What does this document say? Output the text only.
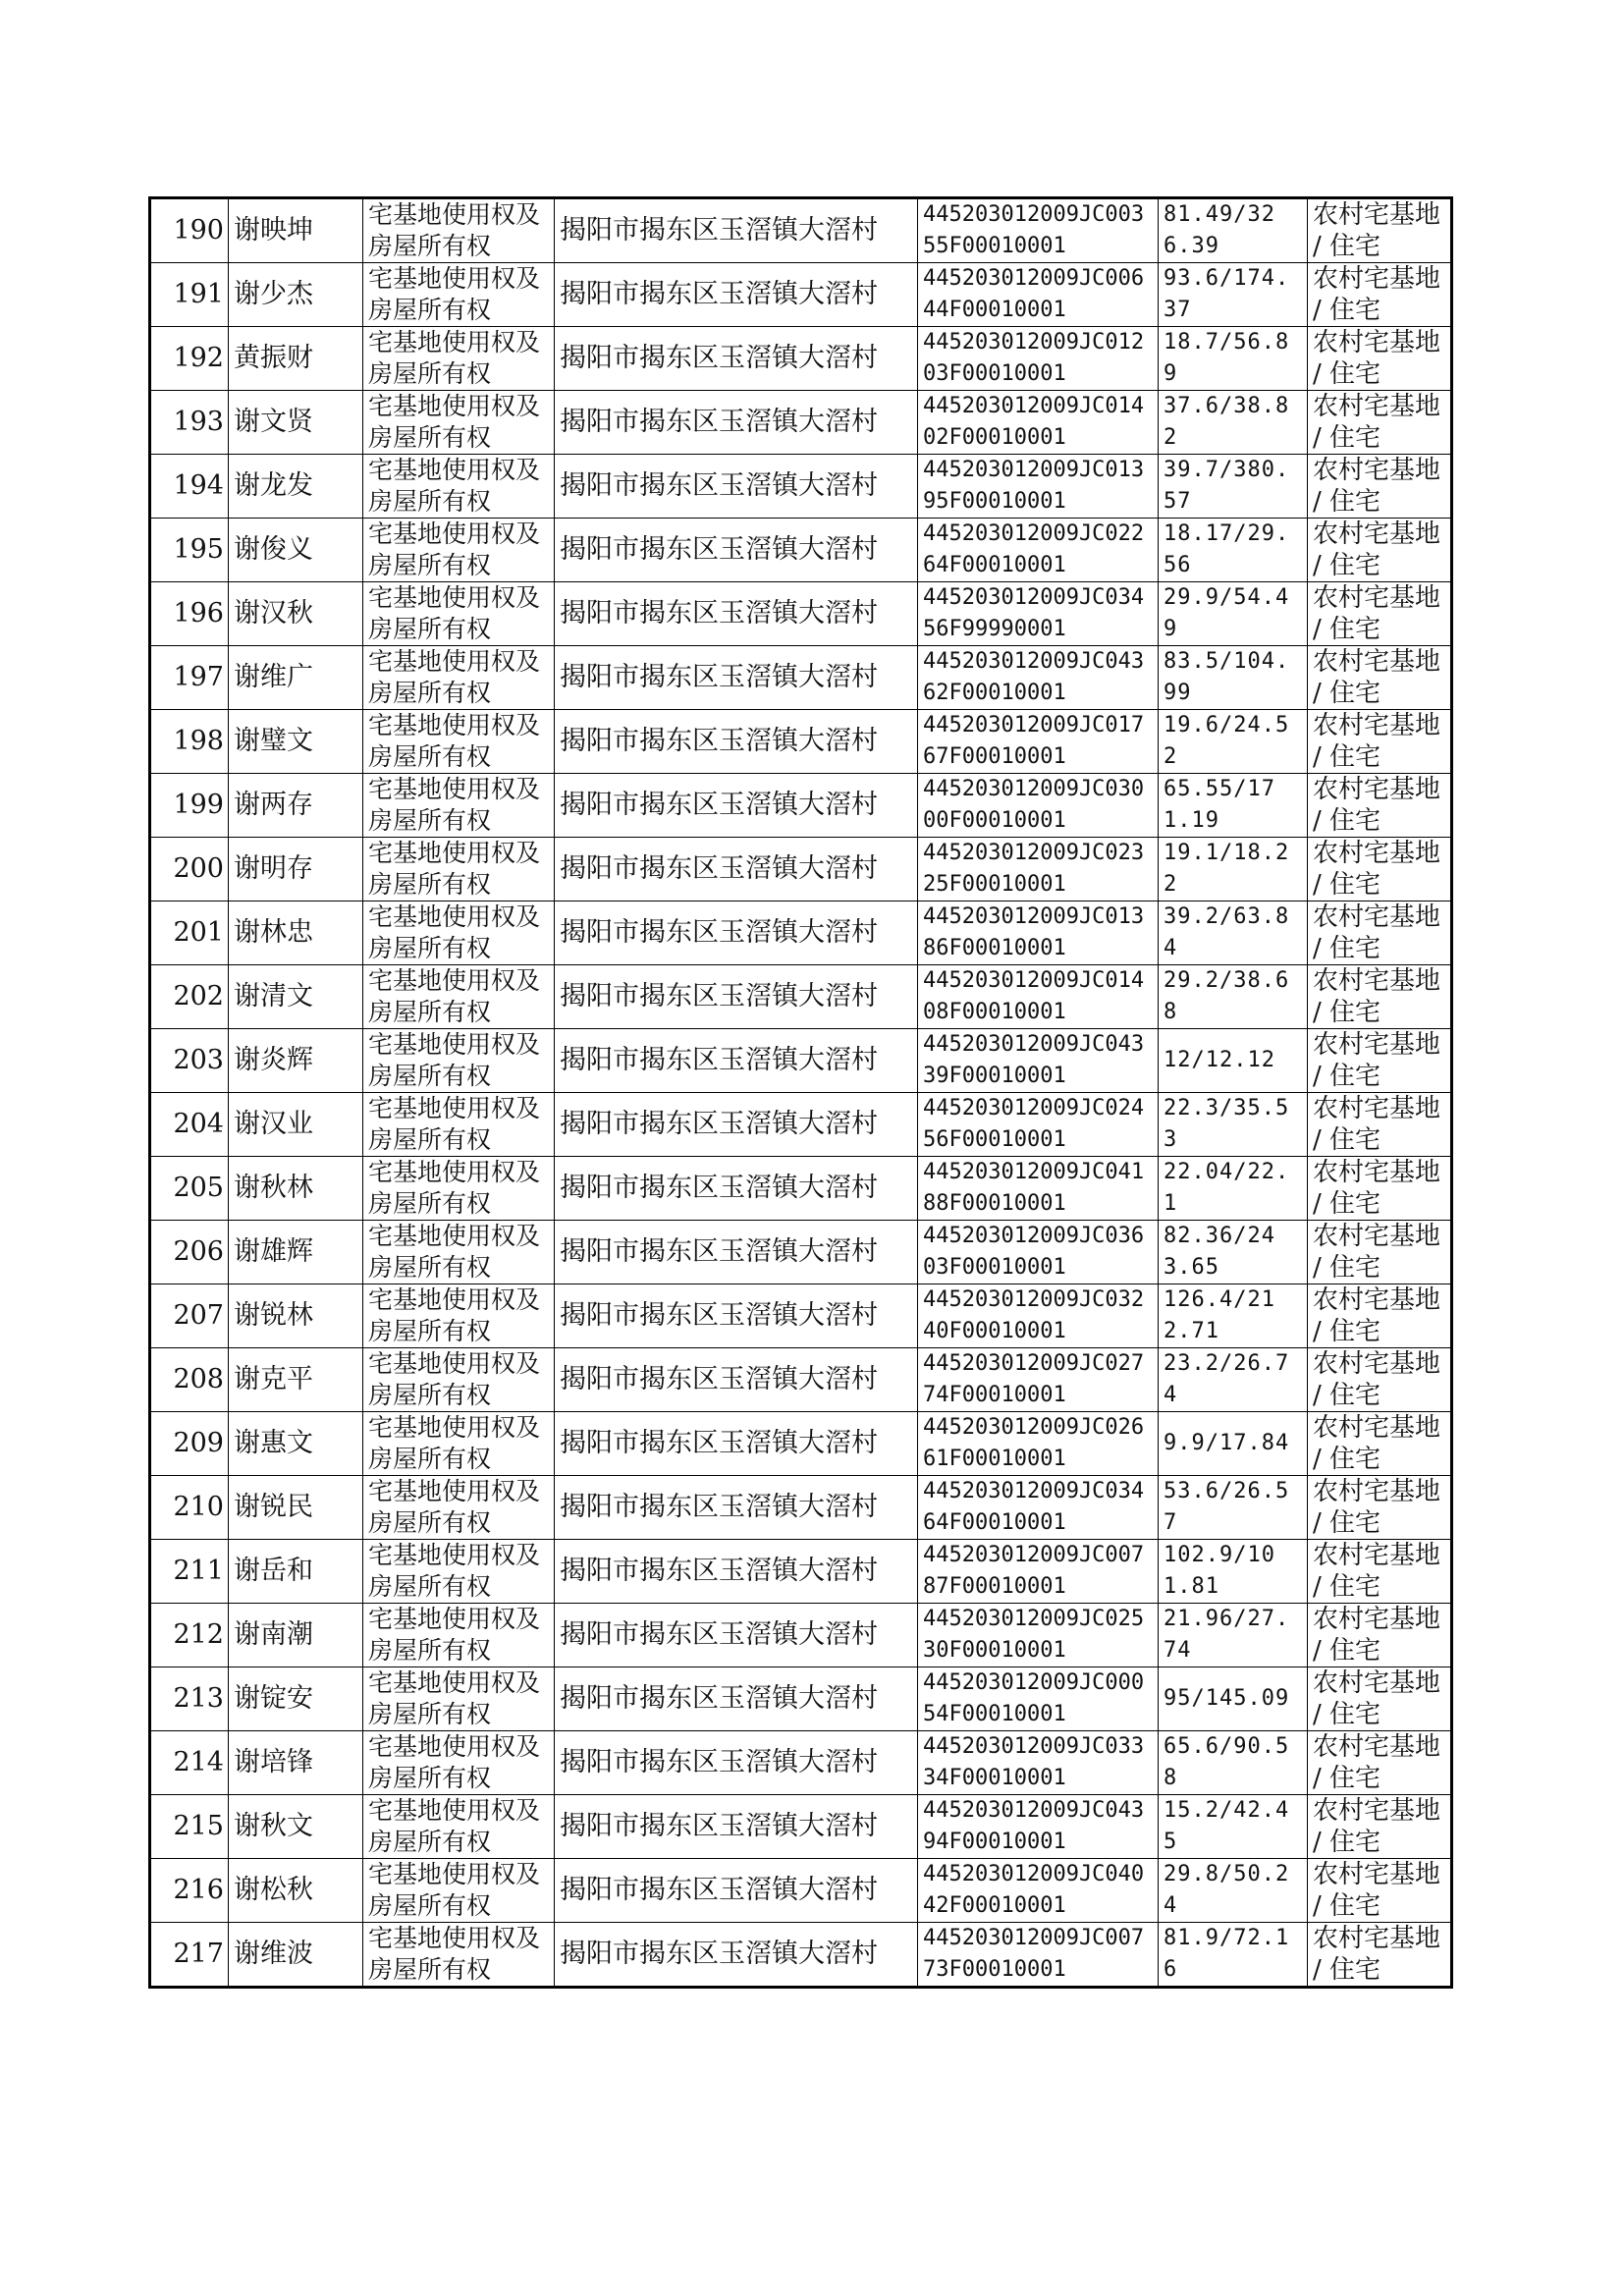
190	谢映坤	宅基地使用权及房屋所有权	揭阳市揭东区玉滘镇大滘村	445203012009JC00355F00010001	81.49/326.39	农村宅基地 / 住宅
191	谢少杰	宅基地使用权及房屋所有权	揭阳市揭东区玉滘镇大滘村	445203012009JC00644F00010001	93.6/174.37	农村宅基地 / 住宅
192	黄振财	宅基地使用权及房屋所有权	揭阳市揭东区玉滘镇大滘村	445203012009JC01203F00010001	18.7/56.89	农村宅基地 / 住宅
193	谢文贤	宅基地使用权及房屋所有权	揭阳市揭东区玉滘镇大滘村	445203012009JC01402F00010001	37.6/38.82	农村宅基地 / 住宅
194	谢龙发	宅基地使用权及房屋所有权	揭阳市揭东区玉滘镇大滘村	445203012009JC01395F00010001	39.7/380.57	农村宅基地 / 住宅
195	谢俊义	宅基地使用权及房屋所有权	揭阳市揭东区玉滘镇大滘村	445203012009JC02264F00010001	18.17/29.56	农村宅基地 / 住宅
196	谢汉秋	宅基地使用权及房屋所有权	揭阳市揭东区玉滘镇大滘村	445203012009JC03456F99990001	29.9/54.49	农村宅基地 / 住宅
197	谢维广	宅基地使用权及房屋所有权	揭阳市揭东区玉滘镇大滘村	445203012009JC04362F00010001	83.5/104.99	农村宅基地 / 住宅
198	谢璧文	宅基地使用权及房屋所有权	揭阳市揭东区玉滘镇大滘村	445203012009JC01767F00010001	19.6/24.52	农村宅基地 / 住宅
199	谢两存	宅基地使用权及房屋所有权	揭阳市揭东区玉滘镇大滘村	445203012009JC03000F00010001	65.55/171.19	农村宅基地 / 住宅
200	谢明存	宅基地使用权及房屋所有权	揭阳市揭东区玉滘镇大滘村	445203012009JC02325F00010001	19.1/18.22	农村宅基地 / 住宅
201	谢林忠	宅基地使用权及房屋所有权	揭阳市揭东区玉滘镇大滘村	445203012009JC01386F00010001	39.2/63.84	农村宅基地 / 住宅
202	谢清文	宅基地使用权及房屋所有权	揭阳市揭东区玉滘镇大滘村	445203012009JC01408F00010001	29.2/38.68	农村宅基地 / 住宅
203	谢炎辉	宅基地使用权及房屋所有权	揭阳市揭东区玉滘镇大滘村	445203012009JC04339F00010001	12/12.12	农村宅基地 / 住宅
204	谢汉业	宅基地使用权及房屋所有权	揭阳市揭东区玉滘镇大滘村	445203012009JC02456F00010001	22.3/35.53	农村宅基地 / 住宅
205	谢秋林	宅基地使用权及房屋所有权	揭阳市揭东区玉滘镇大滘村	445203012009JC04188F00010001	22.04/22.1	农村宅基地 / 住宅
206	谢雄辉	宅基地使用权及房屋所有权	揭阳市揭东区玉滘镇大滘村	445203012009JC03603F00010001	82.36/243.65	农村宅基地 / 住宅
207	谢锐林	宅基地使用权及房屋所有权	揭阳市揭东区玉滘镇大滘村	445203012009JC03240F00010001	126.4/212.71	农村宅基地 / 住宅
208	谢克平	宅基地使用权及房屋所有权	揭阳市揭东区玉滘镇大滘村	445203012009JC02774F00010001	23.2/26.74	农村宅基地 / 住宅
209	谢惠文	宅基地使用权及房屋所有权	揭阳市揭东区玉滘镇大滘村	445203012009JC02661F00010001	9.9/17.84	农村宅基地 / 住宅
210	谢锐民	宅基地使用权及房屋所有权	揭阳市揭东区玉滘镇大滘村	445203012009JC03464F00010001	53.6/26.57	农村宅基地 / 住宅
211	谢岳和	宅基地使用权及房屋所有权	揭阳市揭东区玉滘镇大滘村	445203012009JC00787F00010001	102.9/101.81	农村宅基地 / 住宅
212	谢南潮	宅基地使用权及房屋所有权	揭阳市揭东区玉滘镇大滘村	445203012009JC02530F00010001	21.96/27.74	农村宅基地 / 住宅
213	谢锭安	宅基地使用权及房屋所有权	揭阳市揭东区玉滘镇大滘村	445203012009JC00054F00010001	95/145.09	农村宅基地 / 住宅
214	谢培锋	宅基地使用权及房屋所有权	揭阳市揭东区玉滘镇大滘村	445203012009JC03334F00010001	65.6/90.58	农村宅基地 / 住宅
215	谢秋文	宅基地使用权及房屋所有权	揭阳市揭东区玉滘镇大滘村	445203012009JC04394F00010001	15.2/42.45	农村宅基地 / 住宅
216	谢松秋	宅基地使用权及房屋所有权	揭阳市揭东区玉滘镇大滘村	445203012009JC04042F00010001	29.8/50.24	农村宅基地 / 住宅
217	谢维波	宅基地使用权及房屋所有权	揭阳市揭东区玉滘镇大滘村	445203012009JC00773F00010001	81.9/72.16	农村宅基地 / 住宅
